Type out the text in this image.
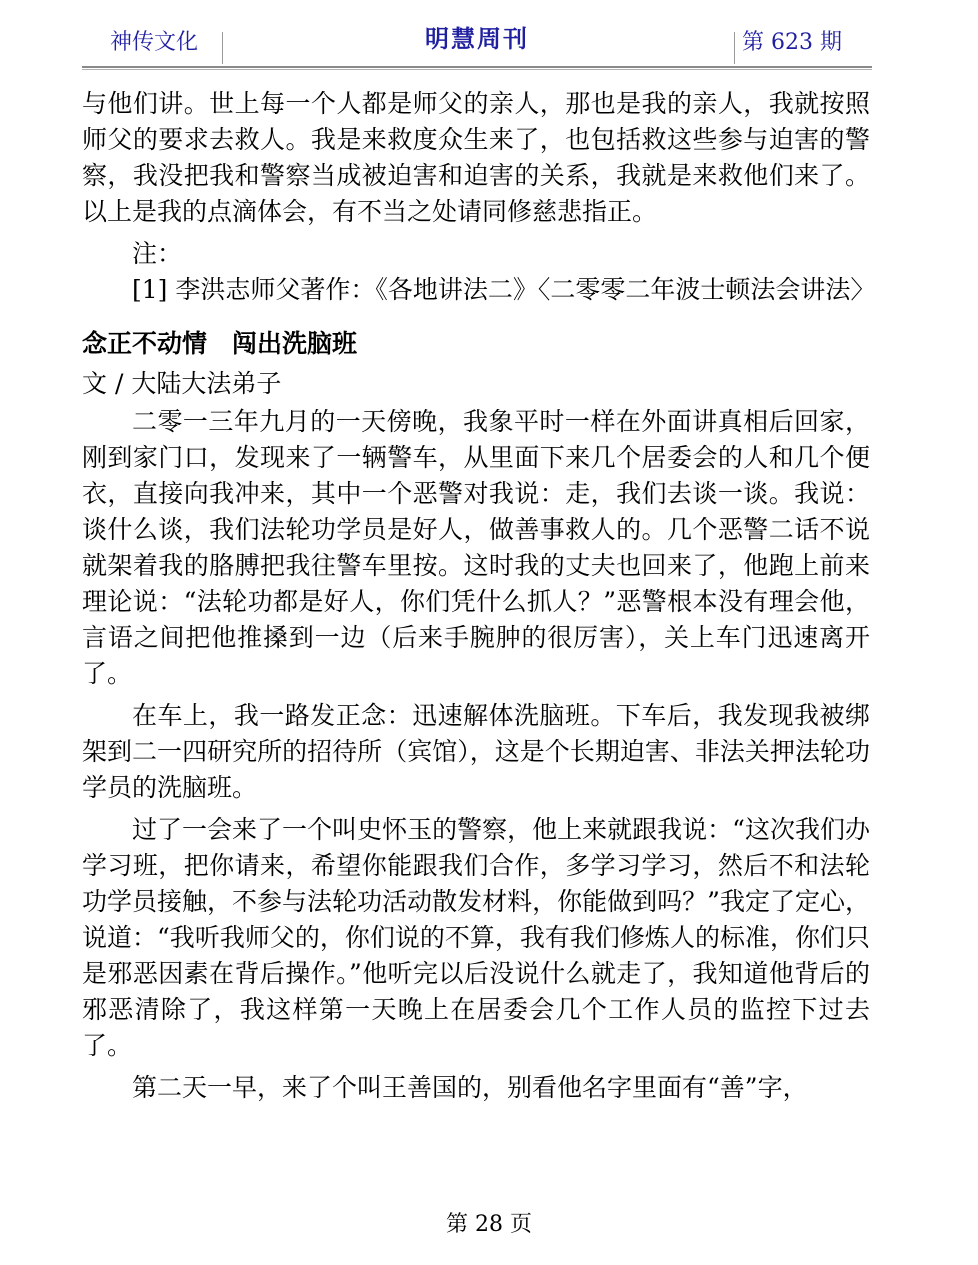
神传文化	明慧周刊	第 623 期

与他们讲。世上每一个人都是师父的亲人，那也是我的亲人，我就按照师父的要求去救人。我是来救度众生来了，也包括救这些参与迫害的警察，我没把我和警察当成被迫害和迫害的关系，我就是来救他们来了。以上是我的点滴体会，有不当之处请同修慈悲指正。

注：

[1] 李洪志师父著作：《各地讲法二》〈二零零二年波士顿法会讲法〉

念正不动情　闯出洗脑班

文 / 大陆大法弟子

二零一三年九月的一天傍晚，我象平时一样在外面讲真相后回家，刚到家门口，发现来了一辆警车，从里面下来几个居委会的人和几个便衣，直接向我冲来，其中一个恶警对我说：走，我们去谈一谈。我说：谈什么谈，我们法轮功学员是好人，做善事救人的。几个恶警二话不说就架着我的胳膊把我往警车里按。这时我的丈夫也回来了，他跑上前来理论说：“法轮功都是好人，你们凭什么抓人？”恶警根本没有理会他，言语之间把他推搡到一边（后来手腕肿的很厉害），关上车门迅速离开了。

在车上，我一路发正念：迅速解体洗脑班。下车后，我发现我被绑架到二一四研究所的招待所（宾馆），这是个长期迫害、非法关押法轮功学员的洗脑班。

过了一会来了一个叫史怀玉的警察，他上来就跟我说：“这次我们办学习班，把你请来，希望你能跟我们合作，多学习学习，然后不和法轮功学员接触，不参与法轮功活动散发材料，你能做到吗？”我定了定心，说道：“我听我师父的，你们说的不算，我有我们修炼人的标准，你们只是邪恶因素在背后操作。”他听完以后没说什么就走了，我知道他背后的邪恶清除了，我这样第一天晚上在居委会几个工作人员的监控下过去了。

第二天一早，来了个叫王善国的，别看他名字里面有“善”字，

第 28 页
